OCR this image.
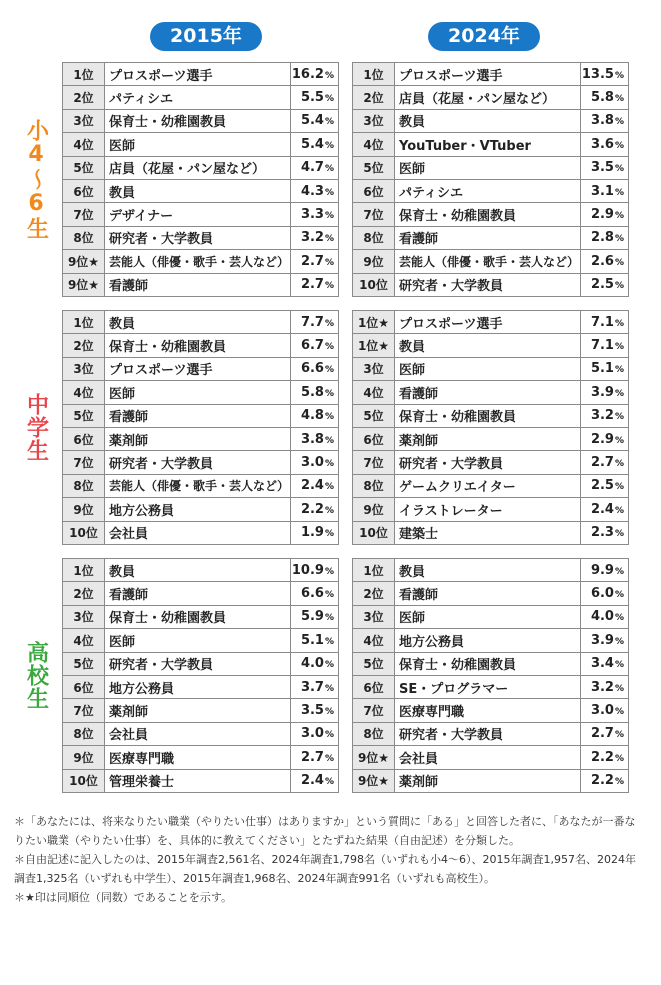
2015年	2024年
小4〜6生
1位	プロスポーツ選手	16.2%
2位	パティシエ	5.5%
3位	保育士・幼稚園教員	5.4%
4位	医師	5.4%
5位	店員（花屋・パン屋など）	4.7%
6位	教員	4.3%
7位	デザイナー	3.3%
8位	研究者・大学教員	3.2%
9位★	芸能人（俳優・歌手・芸人など）	2.7%
9位★	看護師	2.7%
1位	プロスポーツ選手	13.5%
2位	店員（花屋・パン屋など）	5.8%
3位	教員	3.8%
4位	YouTuber・VTuber	3.6%
5位	医師	3.5%
6位	パティシエ	3.1%
7位	保育士・幼稚園教員	2.9%
8位	看護師	2.8%
9位	芸能人（俳優・歌手・芸人など）	2.6%
10位	研究者・大学教員	2.5%
中学生
1位	教員	7.7%
2位	保育士・幼稚園教員	6.7%
3位	プロスポーツ選手	6.6%
4位	医師	5.8%
5位	看護師	4.8%
6位	薬剤師	3.8%
7位	研究者・大学教員	3.0%
8位	芸能人（俳優・歌手・芸人など）	2.4%
9位	地方公務員	2.2%
10位	会社員	1.9%
1位★	プロスポーツ選手	7.1%
1位★	教員	7.1%
3位	医師	5.1%
4位	看護師	3.9%
5位	保育士・幼稚園教員	3.2%
6位	薬剤師	2.9%
7位	研究者・大学教員	2.7%
8位	ゲームクリエイター	2.5%
9位	イラストレーター	2.4%
10位	建築士	2.3%
高校生
1位	教員	10.9%
2位	看護師	6.6%
3位	保育士・幼稚園教員	5.9%
4位	医師	5.1%
5位	研究者・大学教員	4.0%
6位	地方公務員	3.7%
7位	薬剤師	3.5%
8位	会社員	3.0%
9位	医療専門職	2.7%
10位	管理栄養士	2.4%
1位	教員	9.9%
2位	看護師	6.0%
3位	医師	4.0%
4位	地方公務員	3.9%
5位	保育士・幼稚園教員	3.4%
6位	SE・プログラマー	3.2%
7位	医療専門職	3.0%
8位	研究者・大学教員	2.7%
9位★	会社員	2.2%
9位★	薬剤師	2.2%

＊「あなたには、将来なりたい職業（やりたい仕事）はありますか」という質問に「ある」と回答した者に、「あなたが一番なりたい職業（やりたい仕事）を、具体的に教えてください」とたずねた結果（自由記述）を分類した。

＊自由記述に記入したのは、2015年調査2,561名、2024年調査1,798名（いずれも小4〜6）、2015年調査1,957名、2024年調査1,325名（いずれも中学生）、2015年調査1,968名、2024年調査991名（いずれも高校生）。

＊★印は同順位（同数）であることを示す。
